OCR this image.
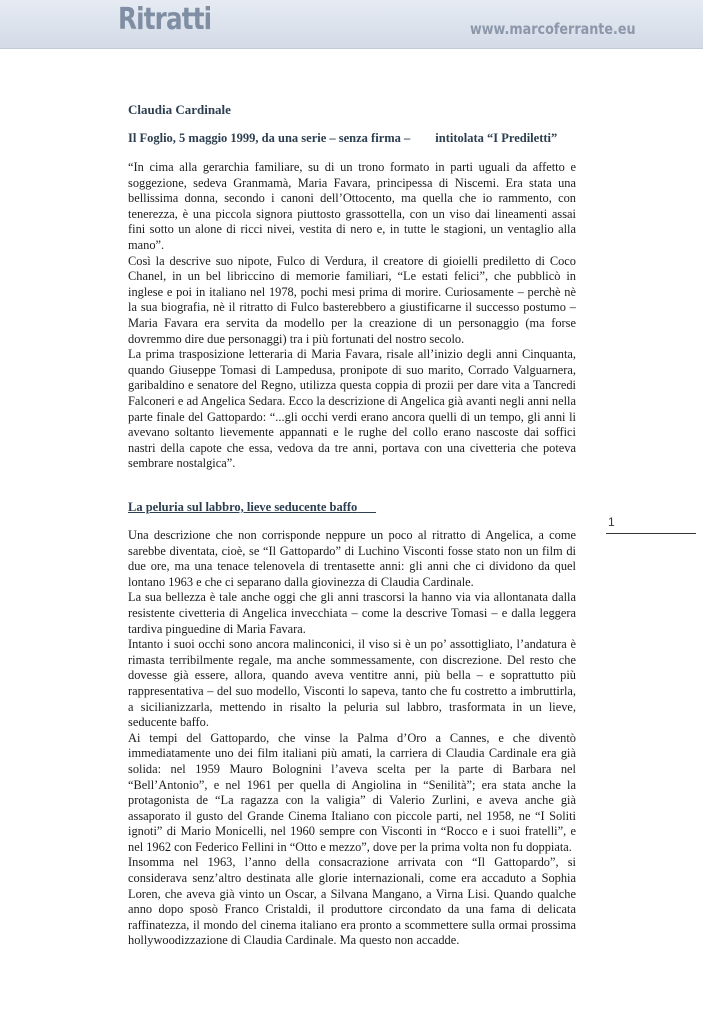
Ritratti	www.marcoferrante.eu
Claudia Cardinale
Il Foglio, 5 maggio 1999, da una serie – senza firma –        intitolata “I Prediletti”

“In cima alla gerarchia familiare, su di un trono formato in parti uguali da affetto e soggezione, sedeva Granmamà, Maria Favara, principessa di Niscemi. Era stata una bellissima donna, secondo i canoni dell’Ottocento, ma quella che io rammento, con tenerezza, è una piccola signora piuttosto grassottella, con un viso dai lineamenti assai fini sotto un alone di ricci nivei, vestita di nero e, in tutte le stagioni, un ventaglio alla mano”.

Così la descrive suo nipote, Fulco di Verdura, il creatore di gioielli prediletto di Coco Chanel, in un bel libriccino di memorie familiari, “Le estati felici”, che pubblicò in inglese e poi in italiano nel 1978, pochi mesi prima di morire. Curiosamente – perchè nè la sua biografia, nè il ritratto di Fulco basterebbero a giustificarne il successo postumo – Maria Favara era servita da modello per la creazione di un personaggio (ma forse dovremmo dire due personaggi) tra i più fortunati del nostro secolo.

La prima trasposizione letteraria di Maria Favara, risale all’inizio degli anni Cinquanta, quando Giuseppe Tomasi di Lampedusa, pronipote di suo marito, Corrado Valguarnera, garibaldino e senatore del Regno, utilizza questa coppia di prozii per dare vita a Tancredi Falconeri e ad Angelica Sedara. Ecco la descrizione di Angelica già avanti negli anni nella parte finale del Gattopardo: “...gli occhi verdi erano ancora quelli di un tempo, gli anni li avevano soltanto lievemente appannati e le rughe del collo erano nascoste dai soffici nastri della capote che essa, vedova da tre anni, portava con una civetteria che poteva sembrare nostalgica”.

La peluria sul labbro, lieve seducente baffo
1

Una descrizione che non corrisponde neppure un poco al ritratto di Angelica, a come sarebbe diventata, cioè, se “Il Gattopardo” di Luchino Visconti fosse stato non un film di due ore, ma una tenace telenovela di trentasette anni: gli anni che ci dividono da quel lontano 1963 e che ci separano dalla giovinezza di Claudia Cardinale.

La sua bellezza è tale anche oggi che gli anni trascorsi la hanno via via allontanata dalla resistente civetteria di Angelica invecchiata – come la descrive Tomasi – e dalla leggera tardiva pinguedine di Maria Favara.

Intanto i suoi occhi sono ancora malinconici, il viso si è un po’ assottigliato, l’andatura è rimasta terribilmente regale, ma anche sommessamente, con discrezione. Del resto che dovesse già essere, allora, quando aveva ventitre anni, più bella – e soprattutto più rappresentativa – del suo modello, Visconti lo sapeva, tanto che fu costretto a imbruttirla, a sicilianizzarla, mettendo in risalto la peluria sul labbro, trasformata in un lieve, seducente baffo.

Ai tempi del Gattopardo, che vinse la Palma d’Oro a Cannes, e che diventò immediatamente uno dei film italiani più amati, la carriera di Claudia Cardinale era già solida: nel 1959 Mauro Bolognini l’aveva scelta per la parte di Barbara nel “Bell’Antonio”, e nel 1961 per quella di Angiolina in “Senilità”; era stata anche la protagonista de “La ragazza con la valigia” di Valerio Zurlini, e aveva anche già assaporato il gusto del Grande Cinema Italiano con piccole parti, nel 1958, ne “I Soliti ignoti” di Mario Monicelli, nel 1960 sempre con Visconti in “Rocco e i suoi fratelli”, e nel 1962 con Federico Fellini in “Otto e mezzo”, dove per la prima volta non fu doppiata.

Insomma nel 1963, l’anno della consacrazione arrivata con “Il Gattopardo”, si considerava senz’altro destinata alle glorie internazionali, come era accaduto a Sophia Loren, che aveva già vinto un Oscar, a Silvana Mangano, a Virna Lisi. Quando qualche anno dopo sposò Franco Cristaldi, il produttore circondato da una fama di delicata raffinatezza, il mondo del cinema italiano era pronto a scommettere sulla ormai prossima hollywoodizzazione di Claudia Cardinale. Ma questo non accadde.
